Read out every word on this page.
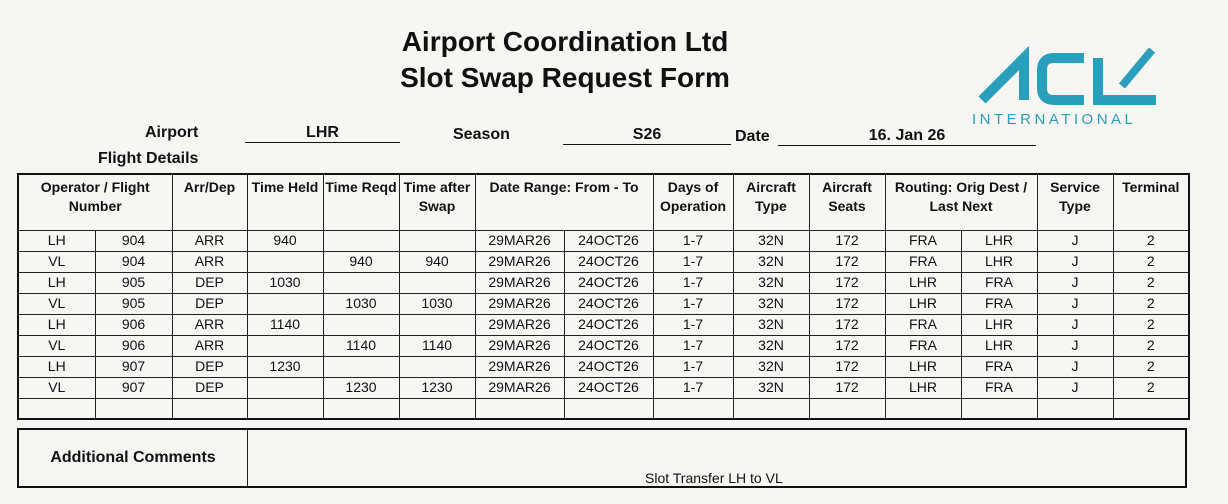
Airport Coordination Ltd
Slot Swap Request Form
INTERNATIONAL
Airport	LHR	Season	S26	Date	16. Jan 26
Flight Details
Operator / Flight Number		Arr/Dep	Time Held	Time Reqd	Time after Swap	Date Range: From - To		Days of Operation	Aircraft Type	Aircraft Seats	Routing: Orig Dest / Last Next		Service Type	Terminal
LH	904	ARR	940			29MAR26	24OCT26	1-7	32N	172	FRA	LHR	J	2
VL	904	ARR		940	940	29MAR26	24OCT26	1-7	32N	172	FRA	LHR	J	2
LH	905	DEP	1030			29MAR26	24OCT26	1-7	32N	172	LHR	FRA	J	2
VL	905	DEP		1030	1030	29MAR26	24OCT26	1-7	32N	172	LHR	FRA	J	2
LH	906	ARR	1140			29MAR26	24OCT26	1-7	32N	172	FRA	LHR	J	2
VL	906	ARR		1140	1140	29MAR26	24OCT26	1-7	32N	172	FRA	LHR	J	2
LH	907	DEP	1230			29MAR26	24OCT26	1-7	32N	172	LHR	FRA	J	2
VL	907	DEP		1230	1230	29MAR26	24OCT26	1-7	32N	172	LHR	FRA	J	2

Additional Comments
Slot Transfer LH to VL
